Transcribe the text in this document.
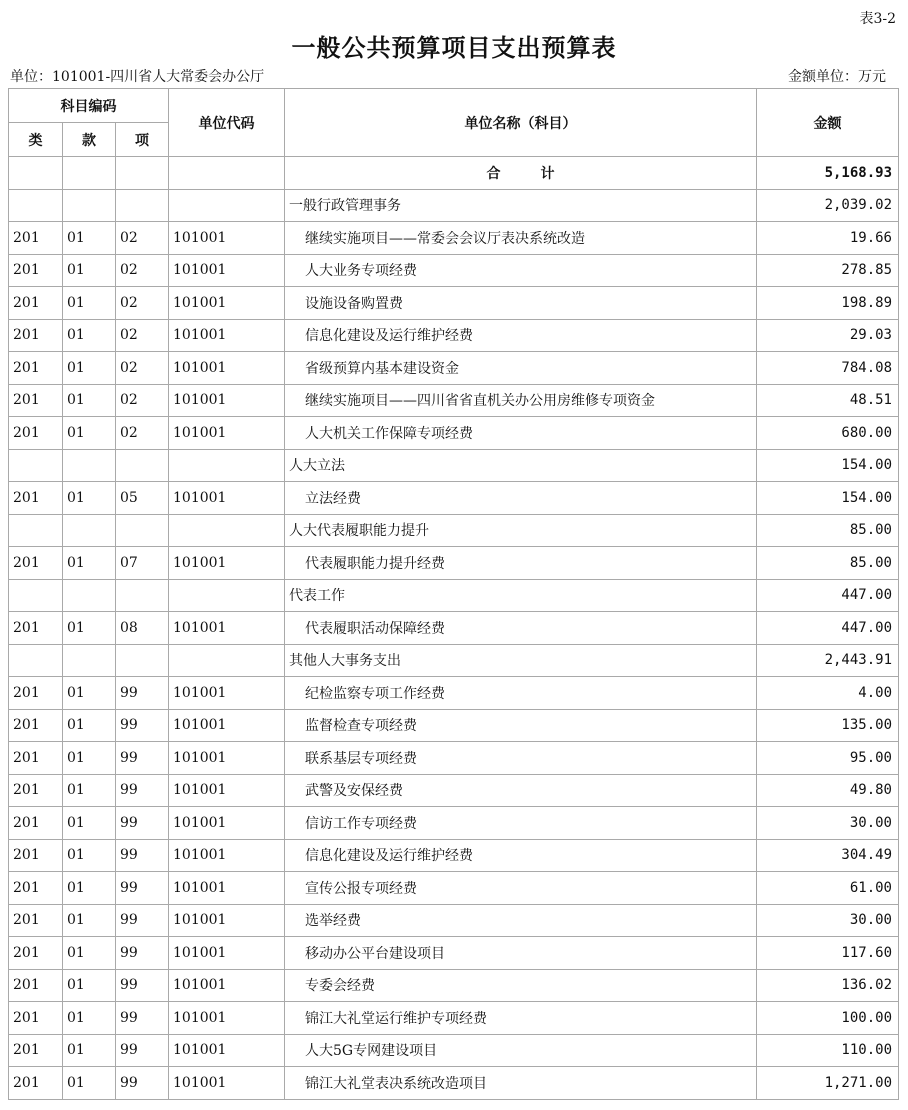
表3-2
一般公共预算项目支出预算表
单位：101001-四川省人大常委会办公厅	金额单位：万元
科目编码			单位代码	单位名称（科目）	金额
类	款	项			
				合计	5,168.93
				一般行政管理事务	2,039.02
201	01	02	101001	继续实施项目——常委会会议厅表决系统改造	19.66
201	01	02	101001	人大业务专项经费	278.85
201	01	02	101001	设施设备购置费	198.89
201	01	02	101001	信息化建设及运行维护经费	29.03
201	01	02	101001	省级预算内基本建设资金	784.08
201	01	02	101001	继续实施项目——四川省省直机关办公用房维修专项资金	48.51
201	01	02	101001	人大机关工作保障专项经费	680.00
				人大立法	154.00
201	01	05	101001	立法经费	154.00
				人大代表履职能力提升	85.00
201	01	07	101001	代表履职能力提升经费	85.00
				代表工作	447.00
201	01	08	101001	代表履职活动保障经费	447.00
				其他人大事务支出	2,443.91
201	01	99	101001	纪检监察专项工作经费	4.00
201	01	99	101001	监督检查专项经费	135.00
201	01	99	101001	联系基层专项经费	95.00
201	01	99	101001	武警及安保经费	49.80
201	01	99	101001	信访工作专项经费	30.00
201	01	99	101001	信息化建设及运行维护经费	304.49
201	01	99	101001	宣传公报专项经费	61.00
201	01	99	101001	选举经费	30.00
201	01	99	101001	移动办公平台建设项目	117.60
201	01	99	101001	专委会经费	136.02
201	01	99	101001	锦江大礼堂运行维护专项经费	100.00
201	01	99	101001	人大5G专网建设项目	110.00
201	01	99	101001	锦江大礼堂表决系统改造项目	1,271.00
